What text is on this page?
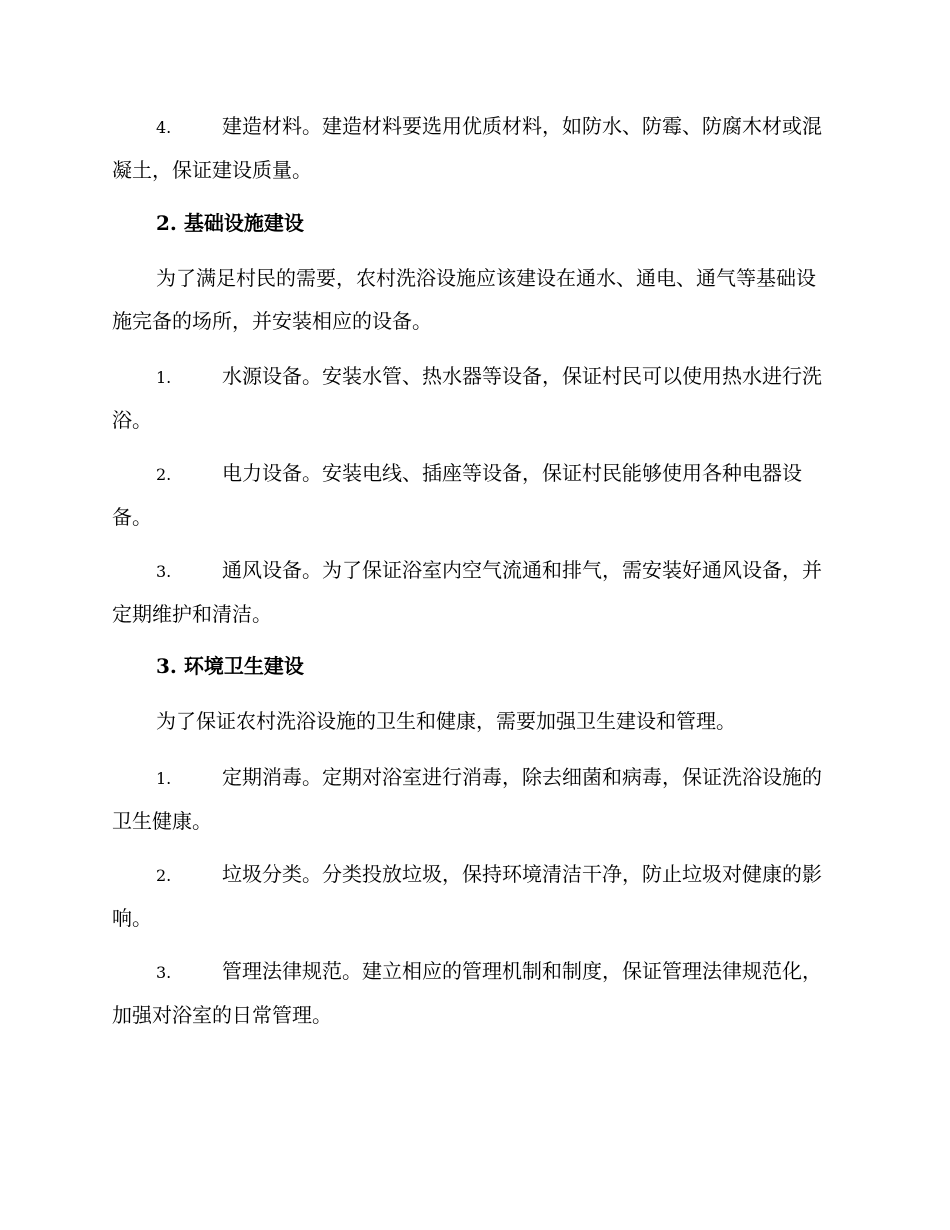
4.	建造材料。建造材料要选用优质材料，如防水、防霉、防腐木材或混凝土，保证建设质量。
2. 基础设施建设
为了满足村民的需要，农村洗浴设施应该建设在通水、通电、通气等基础设施完备的场所，并安装相应的设备。
1.	水源设备。安装水管、热水器等设备，保证村民可以使用热水进行洗浴。
2.	电力设备。安装电线、插座等设备，保证村民能够使用各种电器设备。
3.	通风设备。为了保证浴室内空气流通和排气，需安装好通风设备，并定期维护和清洁。
3. 环境卫生建设
为了保证农村洗浴设施的卫生和健康，需要加强卫生建设和管理。
1.	定期消毒。定期对浴室进行消毒，除去细菌和病毒，保证洗浴设施的卫生健康。
2.	垃圾分类。分类投放垃圾，保持环境清洁干净，防止垃圾对健康的影响。
3.	管理法律规范。建立相应的管理机制和制度，保证管理法律规范化，加强对浴室的日常管理。
